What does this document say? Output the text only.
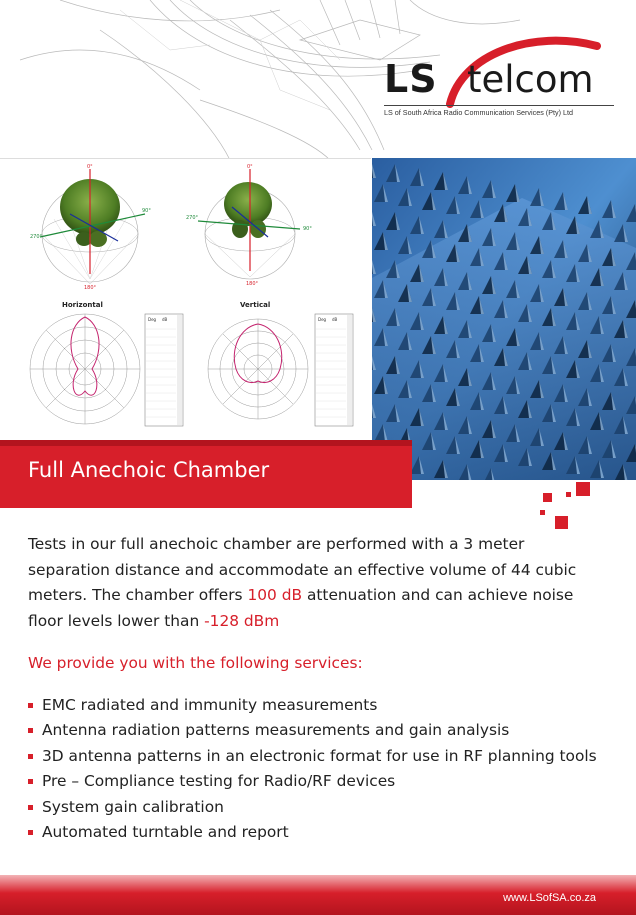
LS telcom
LS of South Africa Radio Communication Services (Pty) Ltd
0°
90°
270°
180°
0°
90°
270°
180°
Horizontal
Deg dB
Vertical
Deg dB
Full Anechoic Chamber

Tests in our full anechoic chamber are performed with a 3 meter separation distance and accommodate an effective volume of 44 cubic meters. The chamber offers 100 dB attenuation and can achieve noise floor levels lower than -128 dBm

We provide you with the following services:
EMC radiated and immunity measurements
Antenna radiation patterns measurements and gain analysis
3D antenna patterns in an electronic format for use in RF planning tools
Pre – Compliance testing for Radio/RF devices
System gain calibration
Automated turntable and report
www.LSofSA.co.za
